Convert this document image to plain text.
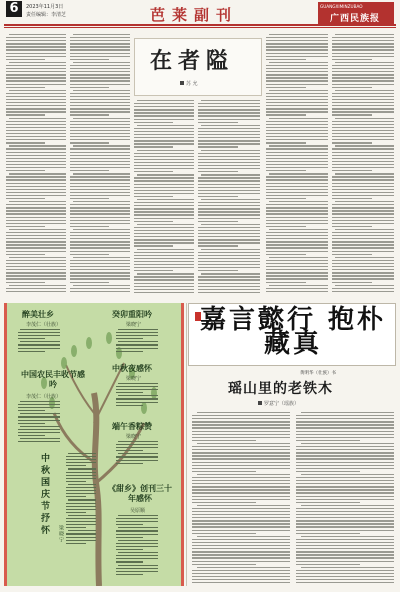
6	2023年11月3日
责任编辑：李清芝	芭莱副刊	GUANGXIMINZUBAO
广西民族报
在者隘
苏 允
醉美壮乡
李茂仁（壮族）
癸卯重阳吟
梁晓宁
中国农民丰收节感吟
李茂仁（壮族）
中秋夜感怀
梁晓宁
端午香粽赞
梁晓宁
《甜乡》创刊三十年感怀
吴原顺
中秋国庆节抒怀	梁晓宁
嘉言懿行 抱朴藏真
黄明华（壮族）书
瑶山里的老铁木
罗意宁（瑶族）
